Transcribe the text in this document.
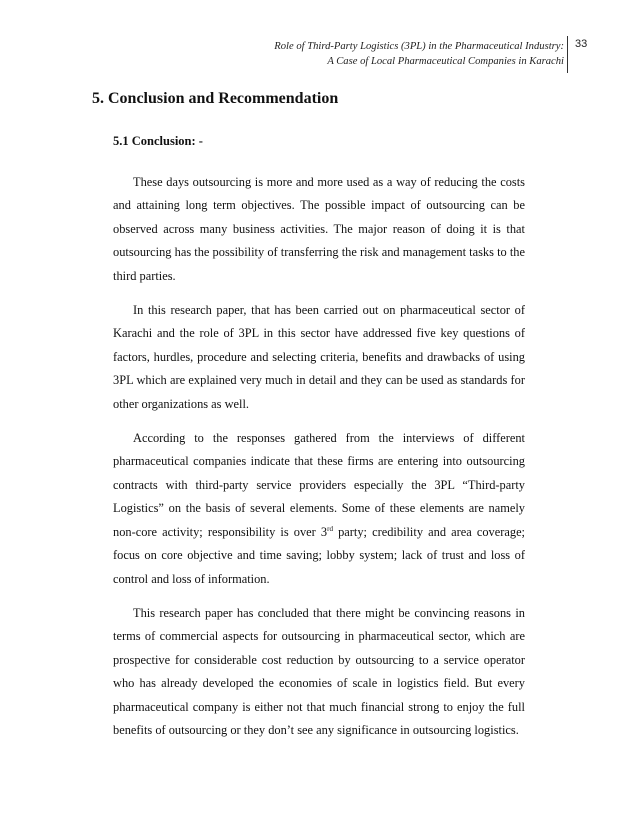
Role of Third-Party Logistics (3PL) in the Pharmaceutical Industry:
A Case of Local Pharmaceutical Companies in Karachi
33
5. Conclusion and Recommendation
5.1 Conclusion: -

These days outsourcing is more and more used as a way of reducing the costs and attaining long term objectives. The possible impact of outsourcing can be observed across many business activities. The major reason of doing it is that outsourcing has the possibility of transferring the risk and management tasks to the third parties.

In this research paper, that has been carried out on pharmaceutical sector of Karachi and the role of 3PL in this sector have addressed five key questions of factors, hurdles, procedure and selecting criteria, benefits and drawbacks of using 3PL which are explained very much in detail and they can be used as standards for other organizations as well.

According to the responses gathered from the interviews of different pharmaceutical companies indicate that these firms are entering into outsourcing contracts with third-party service providers especially the 3PL “Third-party Logistics” on the basis of several elements. Some of these elements are namely non-core activity; responsibility is over 3rd party; credibility and area coverage; focus on core objective and time saving; lobby system; lack of trust and loss of control and loss of information.

This research paper has concluded that there might be convincing reasons in terms of commercial aspects for outsourcing in pharmaceutical sector, which are prospective for considerable cost reduction by outsourcing to a service operator who has already developed the economies of scale in logistics field. But every pharmaceutical company is either not that much financial strong to enjoy the full benefits of outsourcing or they don’t see any significance in outsourcing logistics.
